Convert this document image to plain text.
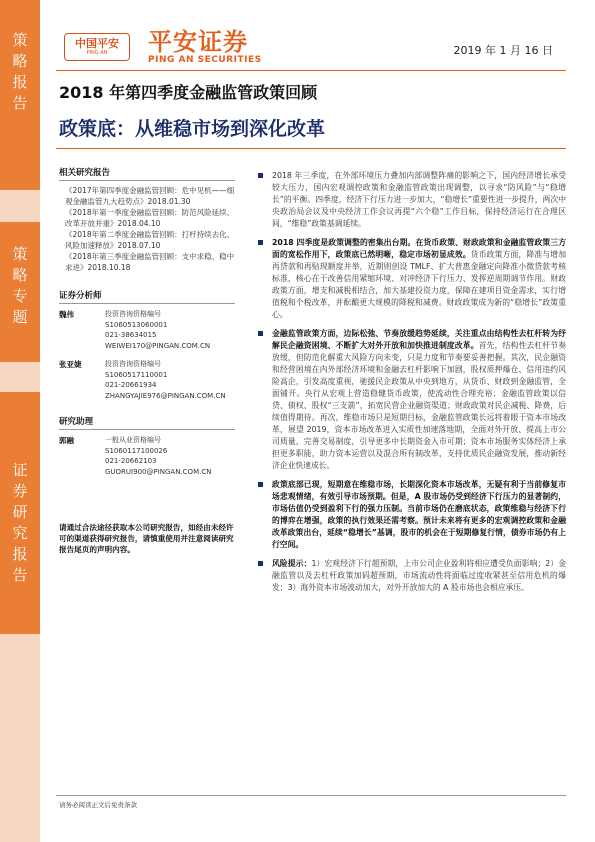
策
略
报
告
策
略
专
题
证
券
研
究
报
告
中国平安
PING AN 平安证券
PING AN SECURITIES
2019 年 1 月 16 日
2018 年第四季度金融监管政策回顾
政策底：从维稳市场到深化改革
相关研究报告

《2017年第四季度金融监管回顾：危中见机——细观金融监管九大趋势点》2018.01.30

《2018年第一季度金融监管回顾：防范风险延续、改革开放并重》2018.04.10

《2018年第二季度金融监管回顾：打杆持续去化、风险加速释放》2018.07.10

《2018年第三季度金融监管回顾：支中求稳、稳中求进》2018.10.18

证券分析师
魏伟	投资咨询资格编号
S1060513060001
021-38634015
WEIWEI170@PINGAN.COM.CN
张亚婕	投资咨询资格编号
S1060517110001
021-20661934
ZHANGYAJIE976@PINGAN.COM.CN
研究助理
郭融	一般从业资格编号
S1060117100026
021-20662103
GUORUI900@PINGAN.COM.CN
请通过合法途径获取本公司研究报告，如经由未经许可的渠道获得研究报告，请慎重使用并注意阅读研究报告尾页的声明内容。
2018 年三季度，在外部环境压力叠加内部调整阵痛的影响之下，国内经济增长承受较大压力，国内宏观调控政策和金融监管政策出现调整，以寻求“防风险”与“稳增长”的平衡。四季度，经济下行压力进一步加大，“稳增长”重要性进一步提升，两次中央政治局会议及中央经济工作会议再提“六个稳”工作目标，保持经济运行在合理区间，“维稳”政策基调延续。
2018 四季度是政策调整的密集出台期。在货币政策、财政政策和金融监管政策三方面的宽松作用下，政策底已然明晰，稳定市场初显成效。货币政策方面，降准与增加再贷款和再贴现额度并举，近期则创设 TMLF、扩大普惠金融定向降准小微贷款考核标准，核心在于改善信用紧缩环境、对冲经济下行压力、发挥逆周期调节作用。财政政策方面，增支和减税相结合，加大基建投资力度，保障在建项目资金需求，实行增值税和个税改革，并酝酿更大规模的降税和减费。财政政策成为新的“稳增长”政策重心。
金融监管政策方面，边际松弛、节奏放缓趋势延续，关注重点由结构性去杠杆转为纾解民企融资困境、不断扩大对外开放和加快推进制度改革。首先，结构性去杠杆节奏放缓，但防范化解重大风险方向未变，只是力度和节奏要妥善把握。其次，民企融资和经营困境在内外部经济环境和金融去杠杆影响下加剧，股权质押爆仓、信用违约风险高企，引发高度重视，驰援民企政策从中央到地方，从货币、财政到金融监管，全面铺开。央行从宏观上营造稳健货币政策，使流动性合理充裕；金融监管政策以信贷、债权、股权“三支箭”，拓宽民营企业融资渠道；财政政策对民企减税、降费，后续值得期待。再次，维稳市场只是短期目标，金融监管政策长远将着眼于资本市场改革，展望 2019，资本市场改革进入实质性加速落地期，全面对外开放、提高上市公司质量，完善交易制度，引导更多中长期资金入市可期；资本市场服务实体经济上承担更多职能，助力资本运营以及混合所有制改革，支持优质民企融资发展，推动新经济企业快速成长。
政策底部已现，短期意在维稳市场，长期深化资本市场改革，无疑有利于当前修复市场悲观情绪，有效引导市场预期。但是，A 股市场仍受到经济下行压力的显著制约，市场估值仍受到盈利下行的强力压制。当前市场仍在磨底状态，政策维稳与经济下行的博弈在增强，政策的执行效果还需考察。预计未来将有更多的宏观调控政策和金融改革政策出台，延续“稳增长”基调，股市的机会在于短期修复行情，债券市场仍有上行空间。
风险提示：1）宏观经济下行超预期，上市公司企业盈利将相应遭受负面影响；2）金融监管以及去杠杆政策加码超预期，市场流动性将面临过度收紧甚至信用危机的爆发；3）海外资本市场波动加大，对外开放加大的 A 股市场也会相应承压。
请务必阅读正文后免责条款
